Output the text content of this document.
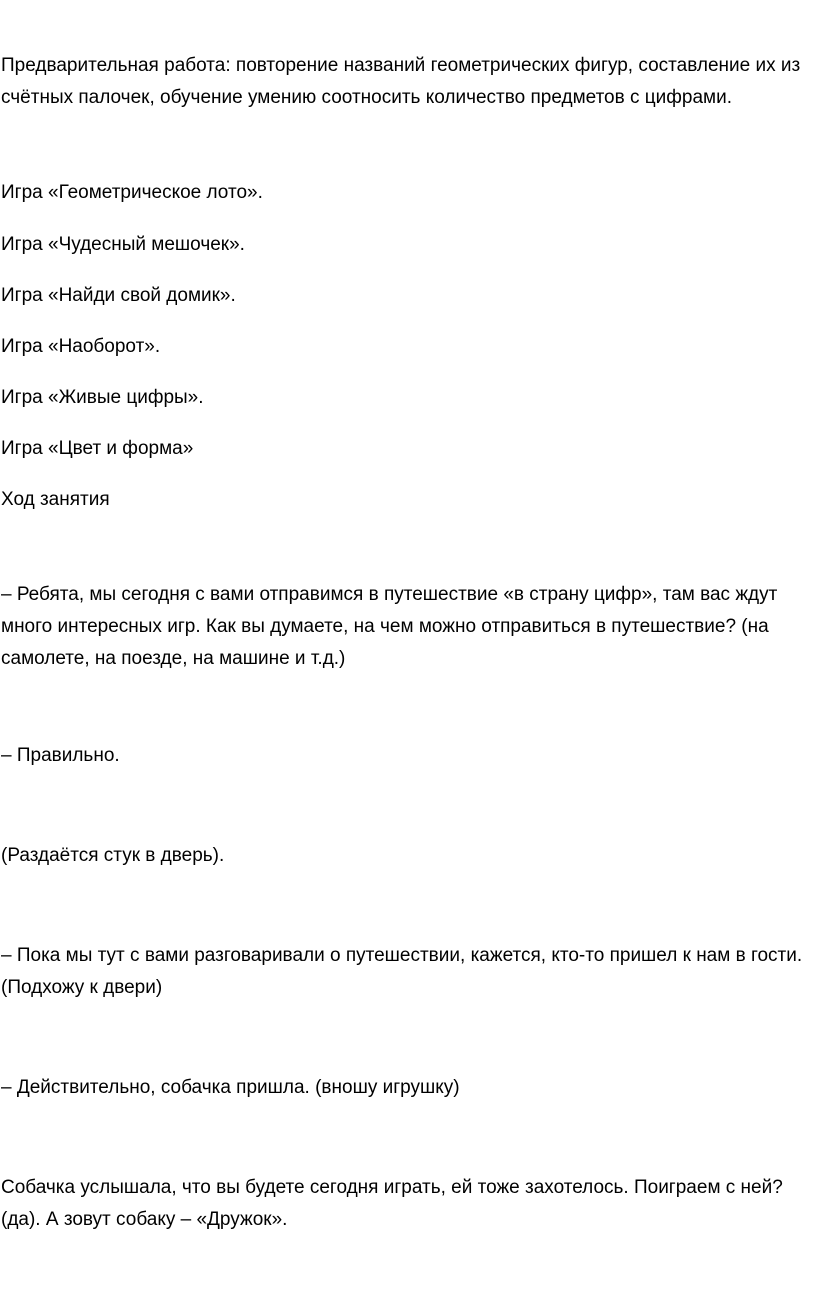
Предварительная работа: повторение названий геометрических фигур, составление их из счётных палочек, обучение умению соотносить количество предметов с цифрами.

Игра «Геометрическое лото».

Игра «Чудесный мешочек».

Игра «Найди свой домик».

Игра «Наоборот».

Игра «Живые цифры».

Игра «Цвет и форма»

Ход занятия

– Ребята, мы сегодня с вами отправимся в путешествие «в страну цифр», там вас ждут много интересных игр. Как вы думаете, на чем можно отправиться в путешествие? (на самолете, на поезде, на машине и т.д.)

– Правильно.

(Раздаётся стук в дверь).

– Пока мы тут с вами разговаривали о путешествии, кажется, кто-то пришел к нам в гости. (Подхожу к двери)

– Действительно, собачка пришла. (вношу игрушку)

Собачка услышала, что вы будете сегодня играть, ей тоже захотелось. Поиграем с ней? (да). А зовут собаку – «Дружок».
